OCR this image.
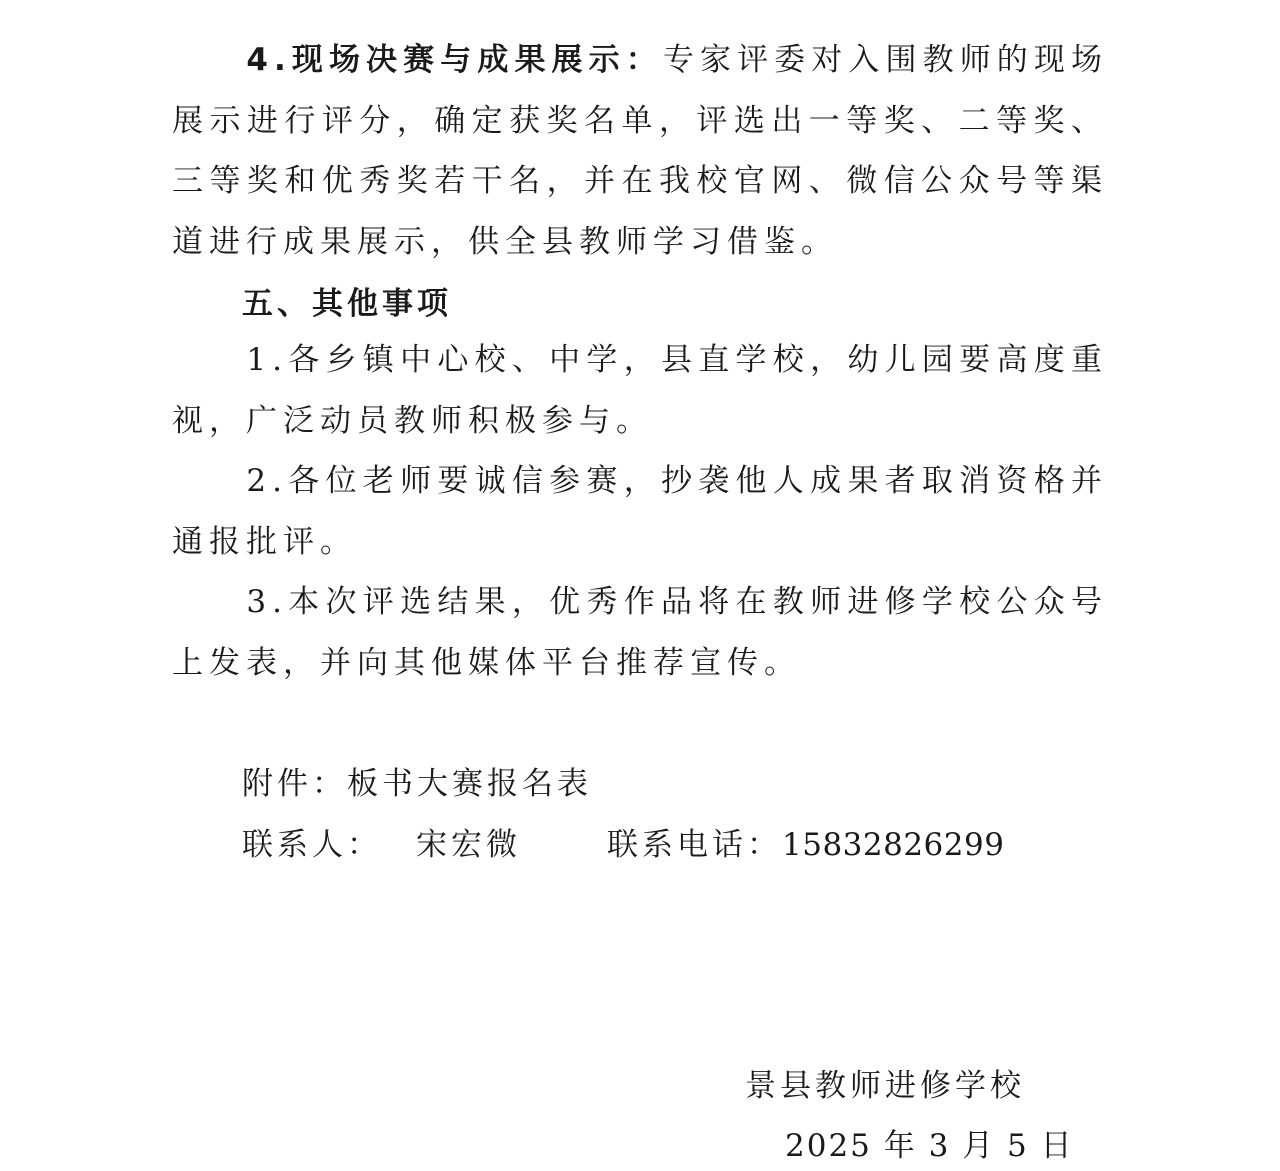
4.现场决赛与成果展示：专家评委对入围教师的现场展示进行评分，确定获奖名单，评选出一等奖、二等奖、三等奖和优秀奖若干名，并在我校官网、微信公众号等渠道进行成果展示，供全县教师学习借鉴。

五、其他事项

1.各乡镇中心校、中学，县直学校，幼儿园要高度重视，广泛动员教师积极参与。

2.各位老师要诚信参赛，抄袭他人成果者取消资格并通报批评。

3.本次评选结果，优秀作品将在教师进修学校公众号上发表，并向其他媒体平台推荐宣传。

附件：板书大赛报名表
联系人： 宋宏微	联系电话：15832826299
景县教师进修学校
2025 年 3 月 5 日
